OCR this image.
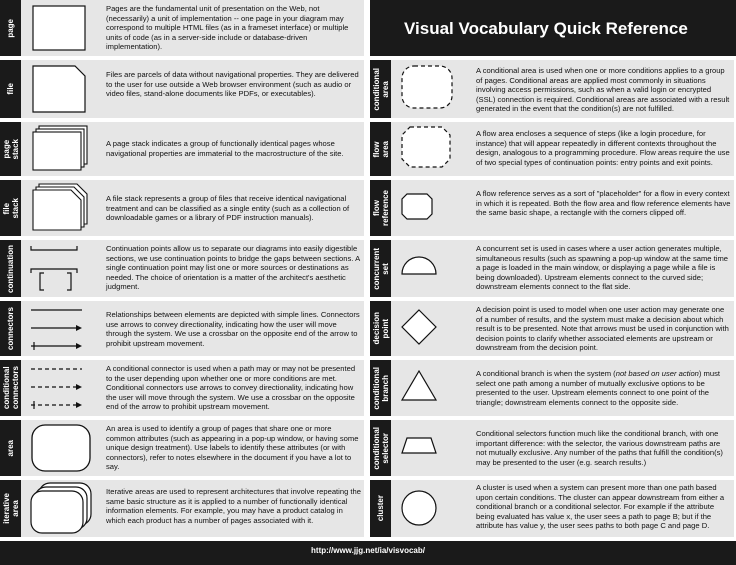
page
Pages are the fundamental unit of presentation on the Web, not (necessarily) a unit of implementation -- one page in your diagram may correspond to multiple HTML files (as in a frameset interface) or multiple units of code (as in a server-side include or database-driven implementation).
file
Files are parcels of data without navigational properties. They are delivered to the user for use outside a Web browser environment (such as audio or video files, stand-alone documents like PDFs, or executables).
page
stack	A page stack indicates a group of functionally identical pages whose navigational properties are immaterial to the macrostructure of the site.
file
stack	A file stack represents a group of files that receive identical navigational treatment and can be classified as a single entity (such as a collection of downloadable games or a library of PDF instruction manuals).
continuation	Continuation points allow us to separate our diagrams into easily digestible sections, we use continuation points to bridge the gaps between sections. A single continuation point may list one or more sources or destinations as needed. The choice of orientation is a matter of the architect's aesthetic judgment.
connectors	Relationships between elements are depicted with simple lines. Connectors use arrows to convey directionality, indicating how the user will move through the system. We use a crossbar on the opposite end of the arrow to prohibit upstream movement.
conditional
connectors	A conditional connector is used when a path may or may not be presented to the user depending upon whether one or more conditions are met. Conditional connectors use arrows to convey directionality, indicating how the user will move through the system. We use a crossbar on the opposite end of the arrow to prohibit upstream movement.
area
An area is used to identify a group of pages that share one or more common attributes (such as appearing in a pop-up window, or having some unique design treatment). Use labels to identify these attributes (or with connectors), refer to notes elsewhere in the document if you have a lot to say.
iterative
area
Iterative areas are used to represent architectures that involve repeating the same basic structure as it is applied to a number of functionally identical information elements. For example, you may have a product catalog in which each product has a number of pages associated with it.
Visual Vocabulary Quick Reference
conditional
area
A conditional area is used when one or more conditions applies to a group of pages. Conditional areas are applied most commonly in situations involving access permissions, such as when a valid login or encrypted (SSL) connection is required. Conditional areas are associated with a result generated in the event that the condition(s) are not fulfilled.
flow
area
A flow area encloses a sequence of steps (like a login procedure, for instance) that will appear repeatedly in different contexts throughout the design, analogous to a programming procedure. Flow areas require the use of two special types of continuation points: entry points and exit points.
flow
reference	A flow reference serves as a sort of "placeholder" for a flow in every context in which it is repeated. Both the flow area and flow reference elements have the same basic shape, a rectangle with the corners clipped off.
concurrent
set
A concurrent set is used in cases where a user action generates multiple, simultaneous results (such as spawning a pop-up window at the same time a page is loaded in the main window, or displaying a page while a file is being downloaded). Upstream elements connect to the curved side; downstream elements connect to the flat side.
decision
point
A decision point is used to model when one user action may generate one of a number of results, and the system must make a decision about which result is to be presented. Note that arrows must be used in conjunction with decision points to clarify whether associated elements are upstream or downstream from the decision point.
conditional
branch
A conditional branch is when the system (not based on user action) must select one path among a number of mutually exclusive options to be presented to the user. Upstream elements connect to one point of the triangle; downstream elements connect to the opposite side.
conditional
selector	Conditional selectors function much like the conditional branch, with one important difference: with the selector, the various downstream paths are not mutually exclusive. Any number of the paths that fulfill the condition(s) may be presented to the user (e.g. search results.)
cluster
A cluster is used when a system can present more than one path based upon certain conditions. The cluster can appear downstream from either a conditional branch or a conditional selector. For example if the attribute being evaluated has value x, the user sees a path to page B; but if the attribute has value y, the user sees paths to both page C and page D.
http://www.jjg.net/ia/visvocab/
